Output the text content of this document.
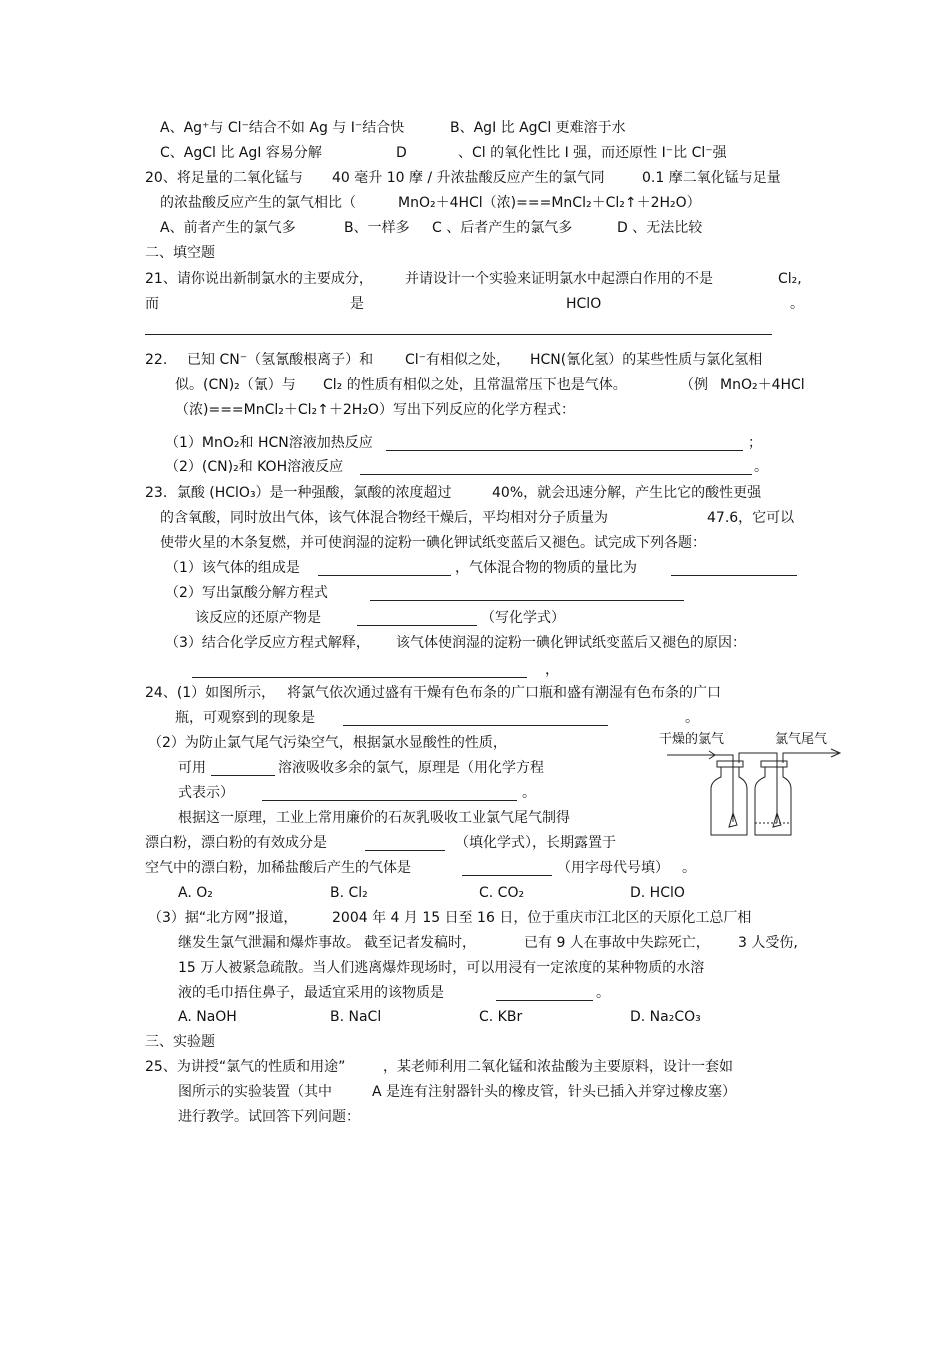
A、Ag⁺与 Cl⁻结合不如 Ag 与 I⁻结合快	B、AgI 比 AgCl 更难溶于水
C、AgCl 比 AgI 容易分解	D	、Cl 的氧化性比 I 强，而还原性 I⁻比 Cl⁻强
20、将足量的二氧化锰与 40 毫升 10 摩 / 升浓盐酸反应产生的氯气同	0.1 摩二氧化锰与足量
的浓盐酸反应产生的氯气相比（	MnO₂＋4HCl（浓)===MnCl₂＋Cl₂↑＋2H₂O）
A、前者产生的氯气多	B、一样多 C 、后者产生的氯气多	D 、无法比较
二、填空题
21、请你说出新制氯水的主要成分， 并请设计一个实验来证明氯水中起漂白作用的不是	Cl₂,
而	是	HClO	。
22. 已知 CN⁻（氢氰酸根离子）和 Cl⁻有相似之处， HCN(氰化氢）的某些性质与氯化氢相
似。(CN)₂（氰）与 Cl₂ 的性质有相似之处，且常温常压下也是气体。	（例 MnO₂＋4HCl
（浓)===MnCl₂＋Cl₂↑＋2H₂O）写出下列反应的化学方程式：
（1）MnO₂和 HCN溶液加热反应	；
（2）(CN)₂和 KOH溶液反应	。
23．氯酸 (HClO₃）是一种强酸，氯酸的浓度超过	40%，就会迅速分解，产生比它的酸性更强
的含氧酸，同时放出气体，该气体混合物经干燥后，平均相对分子质量为	47.6，它可以
使带火星的木条复燃，并可使润湿的淀粉一碘化钾试纸变蓝后又褪色。试完成下列各题：
（1）该气体的组成是	，气体混合物的物质的量比为
（2）写出氯酸分解方程式
该反应的还原产物是	（写化学式）
（3）结合化学反应方程式解释， 该气体使润湿的淀粉一碘化钾试纸变蓝后又褪色的原因：
，
24、(1）如图所示， 将氯气依次通过盛有干燥有色布条的广口瓶和盛有潮湿有色布条的广口
瓶，可观察到的现象是	。
（2）为防止氯气尾气污染空气，根据氯水显酸性的性质，
可用	溶液吸收多余的氯气，原理是（用化学方程
式表示）	。
根据这一原理，工业上常用廉价的石灰乳吸收工业氯气尾气制得
漂白粉，漂白粉的有效成分是	（填化学式），长期露置于
空气中的漂白粉，加稀盐酸后产生的气体是	（用字母代号填） 。
A. O₂	B. Cl₂	C. CO₂	D. HClO
（3）据“北方网”报道， 2004 年 4 月 15 日至 16 日，位于重庆市江北区的天原化工总厂相
继发生氯气泄漏和爆炸事故。 截至记者发稿时，	已有 9 人在事故中失踪死亡， 3 人受伤,
15 万人被紧急疏散。当人们逃离爆炸现场时，可以用浸有一定浓度的某种物质的水溶
液的毛巾捂住鼻子，最适宜采用的该物质是	。
A. NaOH	B. NaCl	C. KBr	D. Na₂CO₃
干燥的氯气	氯气尾气
三、实验题
25、为讲授“氯气的性质和用途”	，某老师利用二氧化锰和浓盐酸为主要原料，设计一套如
图所示的实验装置（其中	A 是连有注射器针头的橡皮管，针头已插入并穿过橡皮塞）
进行教学。试回答下列问题：
